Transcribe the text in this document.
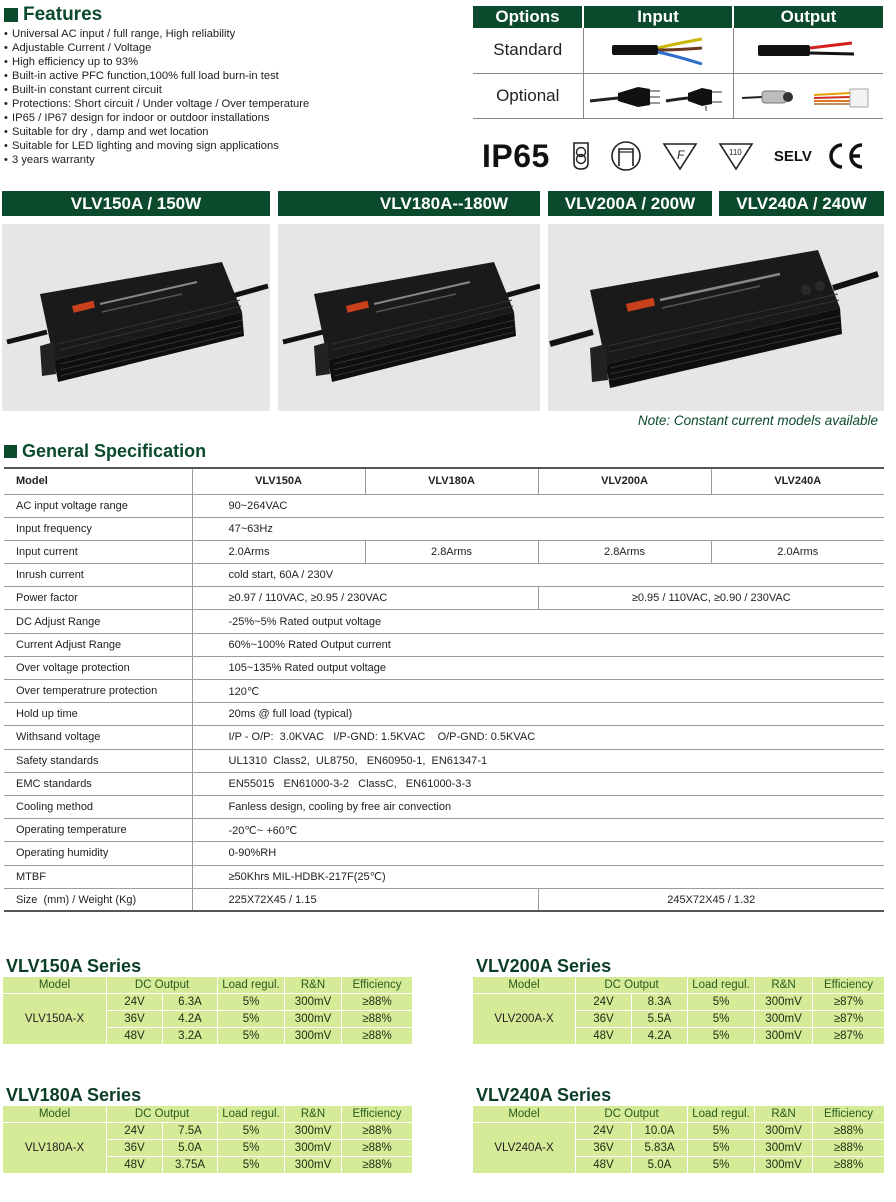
Features
• Universal AC input / full range, High reliability
• Adjustable Current / Voltage
• High efficiency up to 93%
• Built-in active PFC function,100% full load burn-in test
• Built-in constant current circuit
• Protections: Short circuit / Under voltage / Over temperature
• IP65 / IP67 design for indoor or outdoor installations
• Suitable for dry , damp and wet location
• Suitable for LED lighting and moving sign applications
• 3 years warranty
Options	Input	Output
Standard		
Optional		
IP65	F	110 SELV
VLV150A / 150W	VLV180A--180W	VLV200A / 200W	VLV240A / 240W
Note: Constant current models available
General Specification
Model	VLV150A	VLV180A	VLV200A	VLV240A
AC input voltage range	90~264VAC			
Input frequency	47~63Hz			
Input current	2.0Arms	2.8Arms	2.8Arms	2.0Arms
Inrush current	cold start, 60A / 230V			
Power factor	≥0.97 / 110VAC, ≥0.95 / 230VAC		≥0.95 / 110VAC, ≥0.90 / 230VAC	
DC Adjust Range	-25%~5% Rated output voltage			
Current Adjust Range	60%~100% Rated Output current			
Over voltage protection	105~135% Rated output voltage			
Over temperatrure protection	120℃			
Hold up time	20ms @ full load (typical)			
Withsand voltage	I/P - O/P:  3.0KVAC   I/P-GND: 1.5KVAC    O/P-GND: 0.5KVAC			
Safety standards	UL1310  Class2,  UL8750,   EN60950-1,  EN61347-1			
EMC standards	EN55015   EN61000-3-2   ClassC,   EN61000-3-3			
Cooling method	Fanless design, cooling by free air convection			
Operating temperature	-20℃~ +60℃			
Operating humidity	0-90%RH			
MTBF	≥50Khrs MIL-HDBK-217F(25℃)			
Size  (mm) / Weight (Kg)	225X72X45 / 1.15		245X72X45 / 1.32	
VLV150A Series
Model	DC Output		Load regul.	R&N	Efficiency
VLV150A-X	24V	6.3A	5%	300mV	≥88%
	36V	4.2A	5%	300mV	≥88%
	48V	3.2A	5%	300mV	≥88%
VLV200A Series
Model	DC Output		Load regul.	R&N	Efficiency
VLV200A-X	24V	8.3A	5%	300mV	≥87%
	36V	5.5A	5%	300mV	≥87%
	48V	4.2A	5%	300mV	≥87%
VLV180A Series
Model	DC Output		Load regul.	R&N	Efficiency
VLV180A-X	24V	7.5A	5%	300mV	≥88%
	36V	5.0A	5%	300mV	≥88%
	48V	3.75A	5%	300mV	≥88%
VLV240A Series
Model	DC Output		Load regul.	R&N	Efficiency
VLV240A-X	24V	10.0A	5%	300mV	≥88%
	36V	5.83A	5%	300mV	≥88%
	48V	5.0A	5%	300mV	≥88%
